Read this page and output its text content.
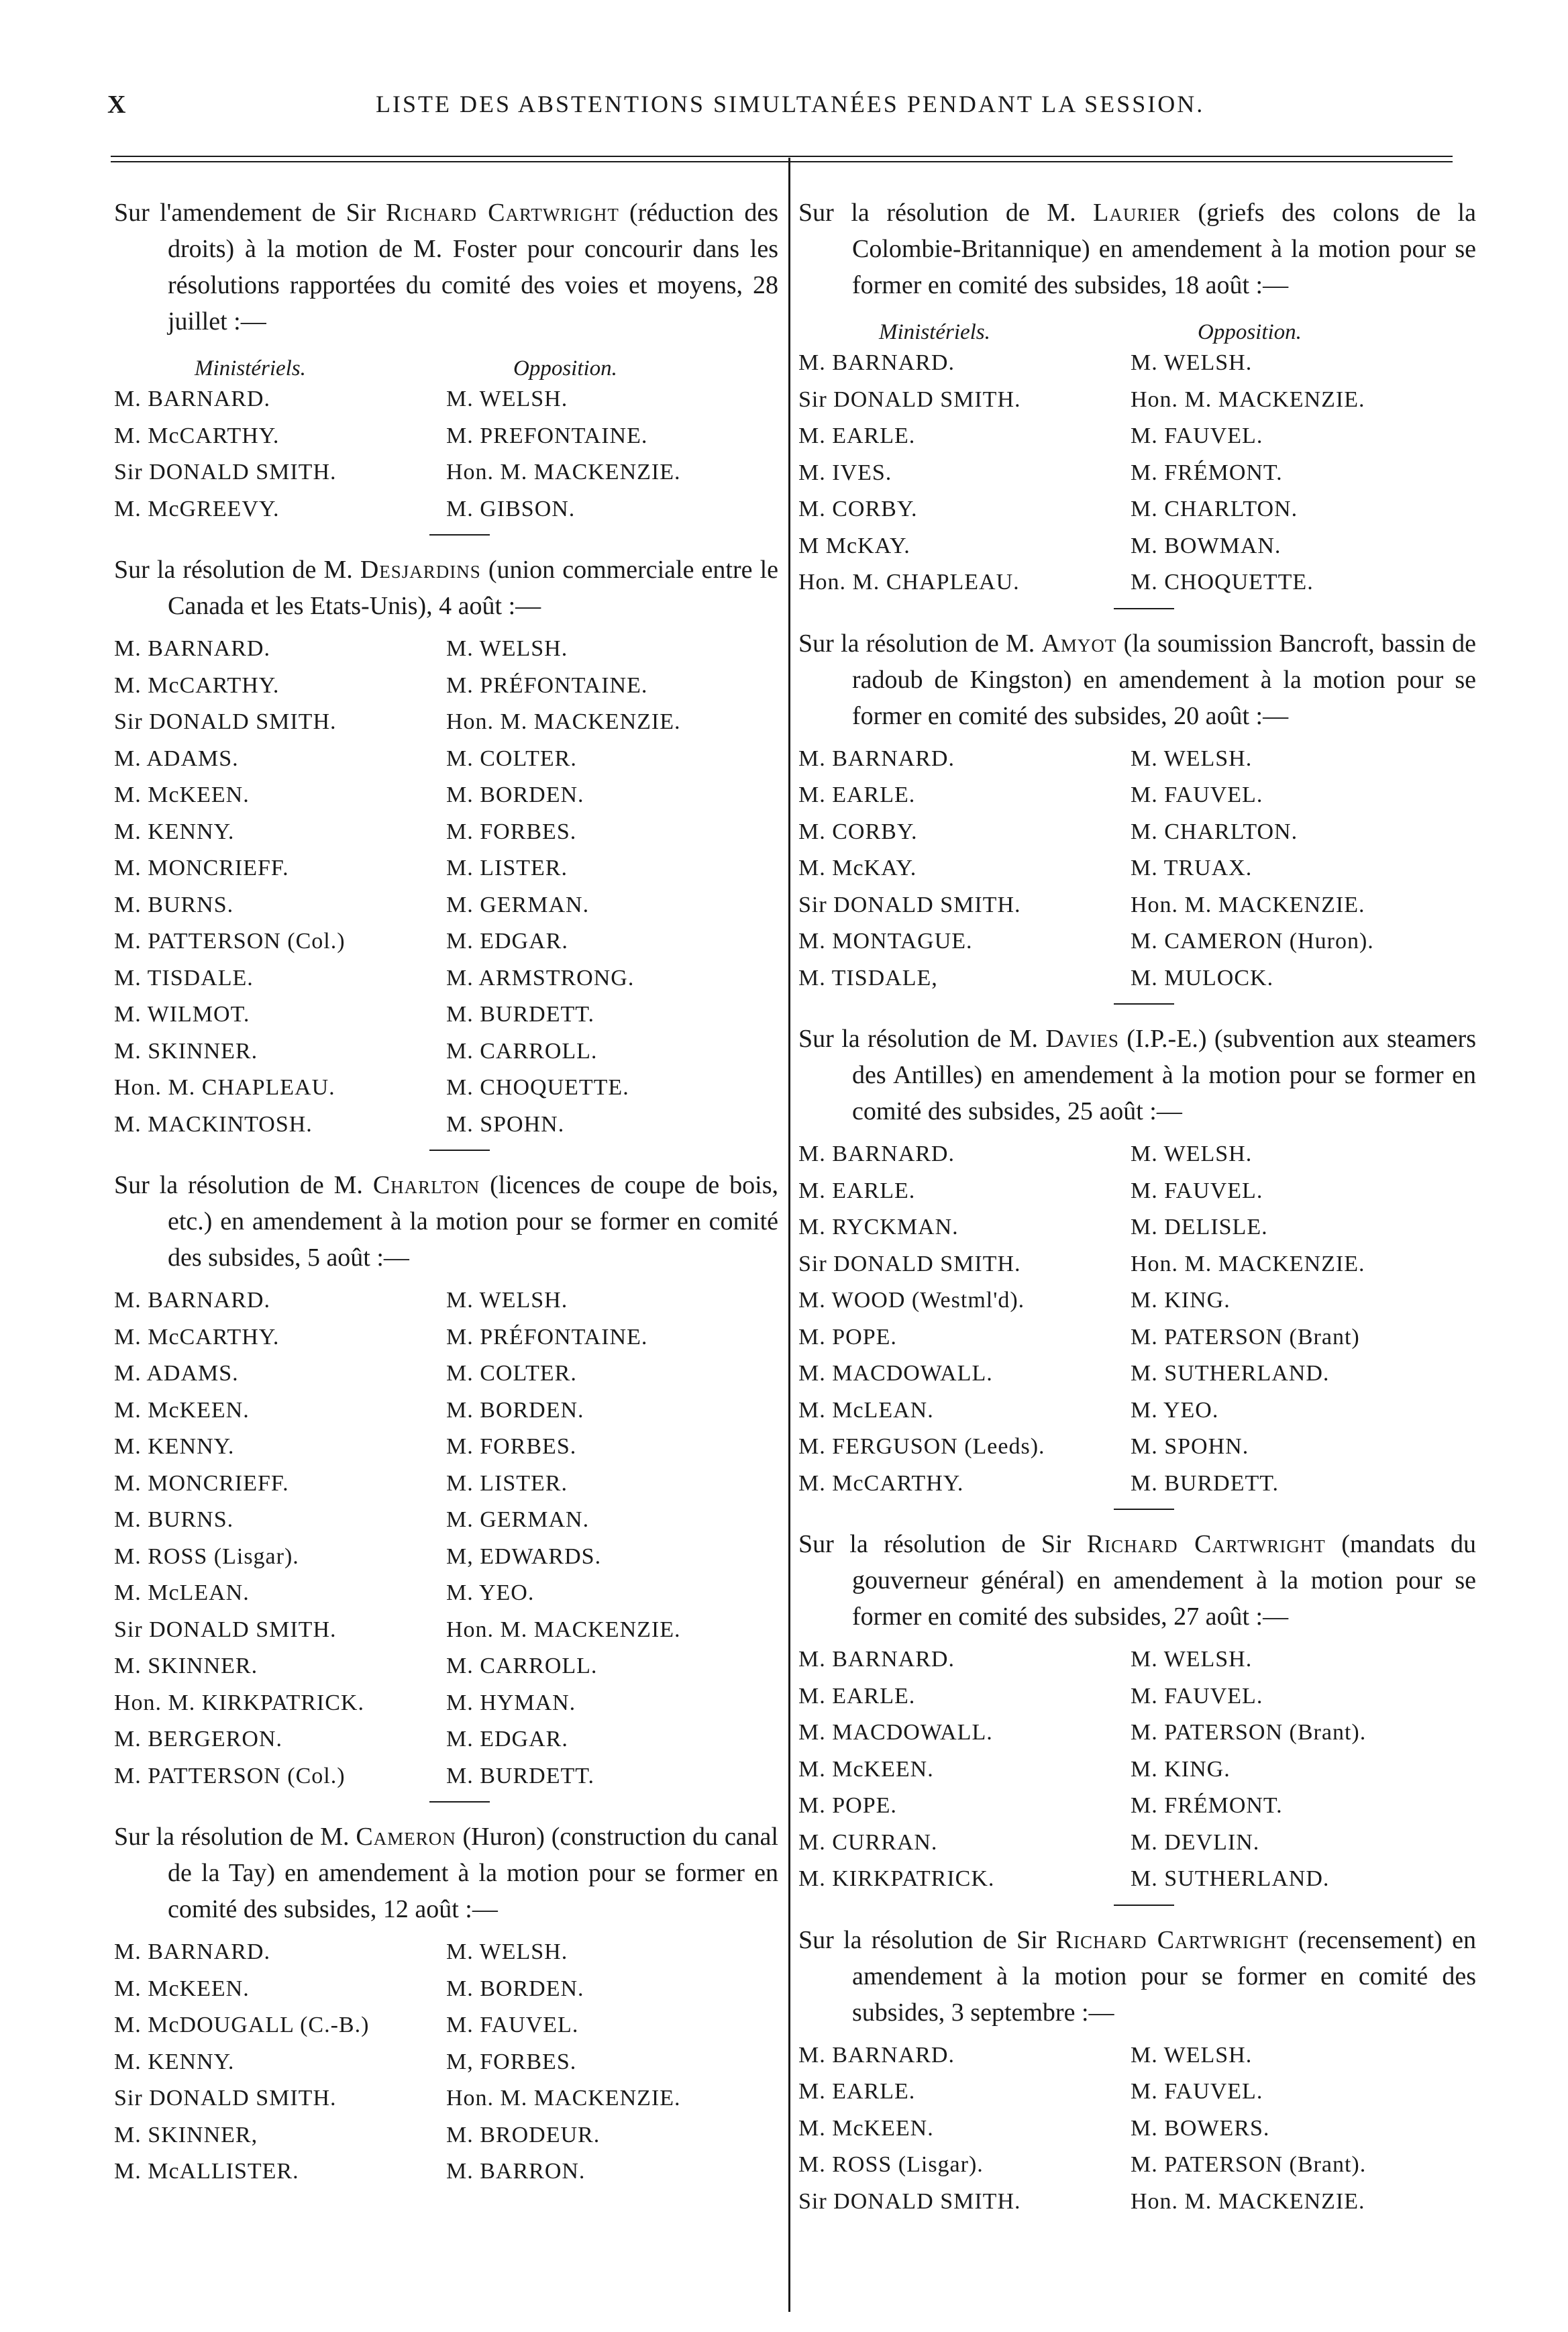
X	LISTE DES ABSTENTIONS SIMULTANÉES PENDANT LA SESSION.

Sur l'amendement de Sir Richard Cartwright (réduction des droits) à la motion de M. Foster pour concourir dans les résolutions rapportées du comité des voies et moyens, 28 juillet :—

Ministériels.	Opposition.
M. BARNARD.	M. WELSH.
M. McCARTHY.	M. PREFONTAINE.
Sir DONALD SMITH.	Hon. M. MACKENZIE.
M. McGREEVY.	M. GIBSON.

Sur la résolution de M. Desjardins (union commerciale entre le Canada et les Etats-Unis), 4 août :—

M. BARNARD.	M. WELSH.
M. McCARTHY.	M. PRÉFONTAINE.
Sir DONALD SMITH.	Hon. M. MACKENZIE.
M. ADAMS.	M. COLTER.
M. McKEEN.	M. BORDEN.
M. KENNY.	M. FORBES.
M. MONCRIEFF.	M. LISTER.
M. BURNS.	M. GERMAN.
M. PATTERSON (Col.)	M. EDGAR.
M. TISDALE.	M. ARMSTRONG.
M. WILMOT.	M. BURDETT.
M. SKINNER.	M. CARROLL.
Hon. M. CHAPLEAU.	M. CHOQUETTE.
M. MACKINTOSH.	M. SPOHN.

Sur la résolution de M. Charlton (licences de coupe de bois, etc.) en amendement à la motion pour se former en comité des subsides, 5 août :—

M. BARNARD.	M. WELSH.
M. McCARTHY.	M. PRÉFONTAINE.
M. ADAMS.	M. COLTER.
M. McKEEN.	M. BORDEN.
M. KENNY.	M. FORBES.
M. MONCRIEFF.	M. LISTER.
M. BURNS.	M. GERMAN.
M. ROSS (Lisgar).	M, EDWARDS.
M. McLEAN.	M. YEO.
Sir DONALD SMITH.	Hon. M. MACKENZIE.
M. SKINNER.	M. CARROLL.
Hon. M. KIRKPATRICK.	M. HYMAN.
M. BERGERON.	M. EDGAR.
M. PATTERSON (Col.)	M. BURDETT.

Sur la résolution de M. Cameron (Huron) (construction du canal de la Tay) en amendement à la motion pour se former en comité des subsides, 12 août :—

M. BARNARD.	M. WELSH.
M. McKEEN.	M. BORDEN.
M. McDOUGALL (C.-B.)	M. FAUVEL.
M. KENNY.	M, FORBES.
Sir DONALD SMITH.	Hon. M. MACKENZIE.
M. SKINNER,	M. BRODEUR.
M. McALLISTER.	M. BARRON.

Sur la résolution de M. Laurier (griefs des colons de la Colombie-Britannique) en amendement à la motion pour se former en comité des subsides, 18 août :—

Ministériels.	Opposition.
M. BARNARD.	M. WELSH.
Sir DONALD SMITH.	Hon. M. MACKENZIE.
M. EARLE.	M. FAUVEL.
M. IVES.	M. FRÉMONT.
M. CORBY.	M. CHARLTON.
M McKAY.	M. BOWMAN.
Hon. M. CHAPLEAU.	M. CHOQUETTE.

Sur la résolution de M. Amyot (la soumission Bancroft, bassin de radoub de Kingston) en amendement à la motion pour se former en comité des subsides, 20 août :—

M. BARNARD.	M. WELSH.
M. EARLE.	M. FAUVEL.
M. CORBY.	M. CHARLTON.
M. McKAY.	M. TRUAX.
Sir DONALD SMITH.	Hon. M. MACKENZIE.
M. MONTAGUE.	M. CAMERON (Huron).
M. TISDALE,	M. MULOCK.

Sur la résolution de M. Davies (I.P.-E.) (subvention aux steamers des Antilles) en amendement à la motion pour se former en comité des subsides, 25 août :—

M. BARNARD.	M. WELSH.
M. EARLE.	M. FAUVEL.
M. RYCKMAN.	M. DELISLE.
Sir DONALD SMITH.	Hon. M. MACKENZIE.
M. WOOD (Westml'd).	M. KING.
M. POPE.	M. PATERSON (Brant)
M. MACDOWALL.	M. SUTHERLAND.
M. McLEAN.	M. YEO.
M. FERGUSON (Leeds).	M. SPOHN.
M. McCARTHY.	M. BURDETT.

Sur la résolution de Sir Richard Cartwright (mandats du gouverneur général) en amendement à la motion pour se former en comité des subsides, 27 août :—

M. BARNARD.	M. WELSH.
M. EARLE.	M. FAUVEL.
M. MACDOWALL.	M. PATERSON (Brant).
M. McKEEN.	M. KING.
M. POPE.	M. FRÉMONT.
M. CURRAN.	M. DEVLIN.
M. KIRKPATRICK.	M. SUTHERLAND.

Sur la résolution de Sir Richard Cartwright (recensement) en amendement à la motion pour se former en comité des subsides, 3 septembre :—

M. BARNARD.	M. WELSH.
M. EARLE.	M. FAUVEL.
M. McKEEN.	M. BOWERS.
M. ROSS (Lisgar).	M. PATERSON (Brant).
Sir DONALD SMITH.	Hon. M. MACKENZIE.
